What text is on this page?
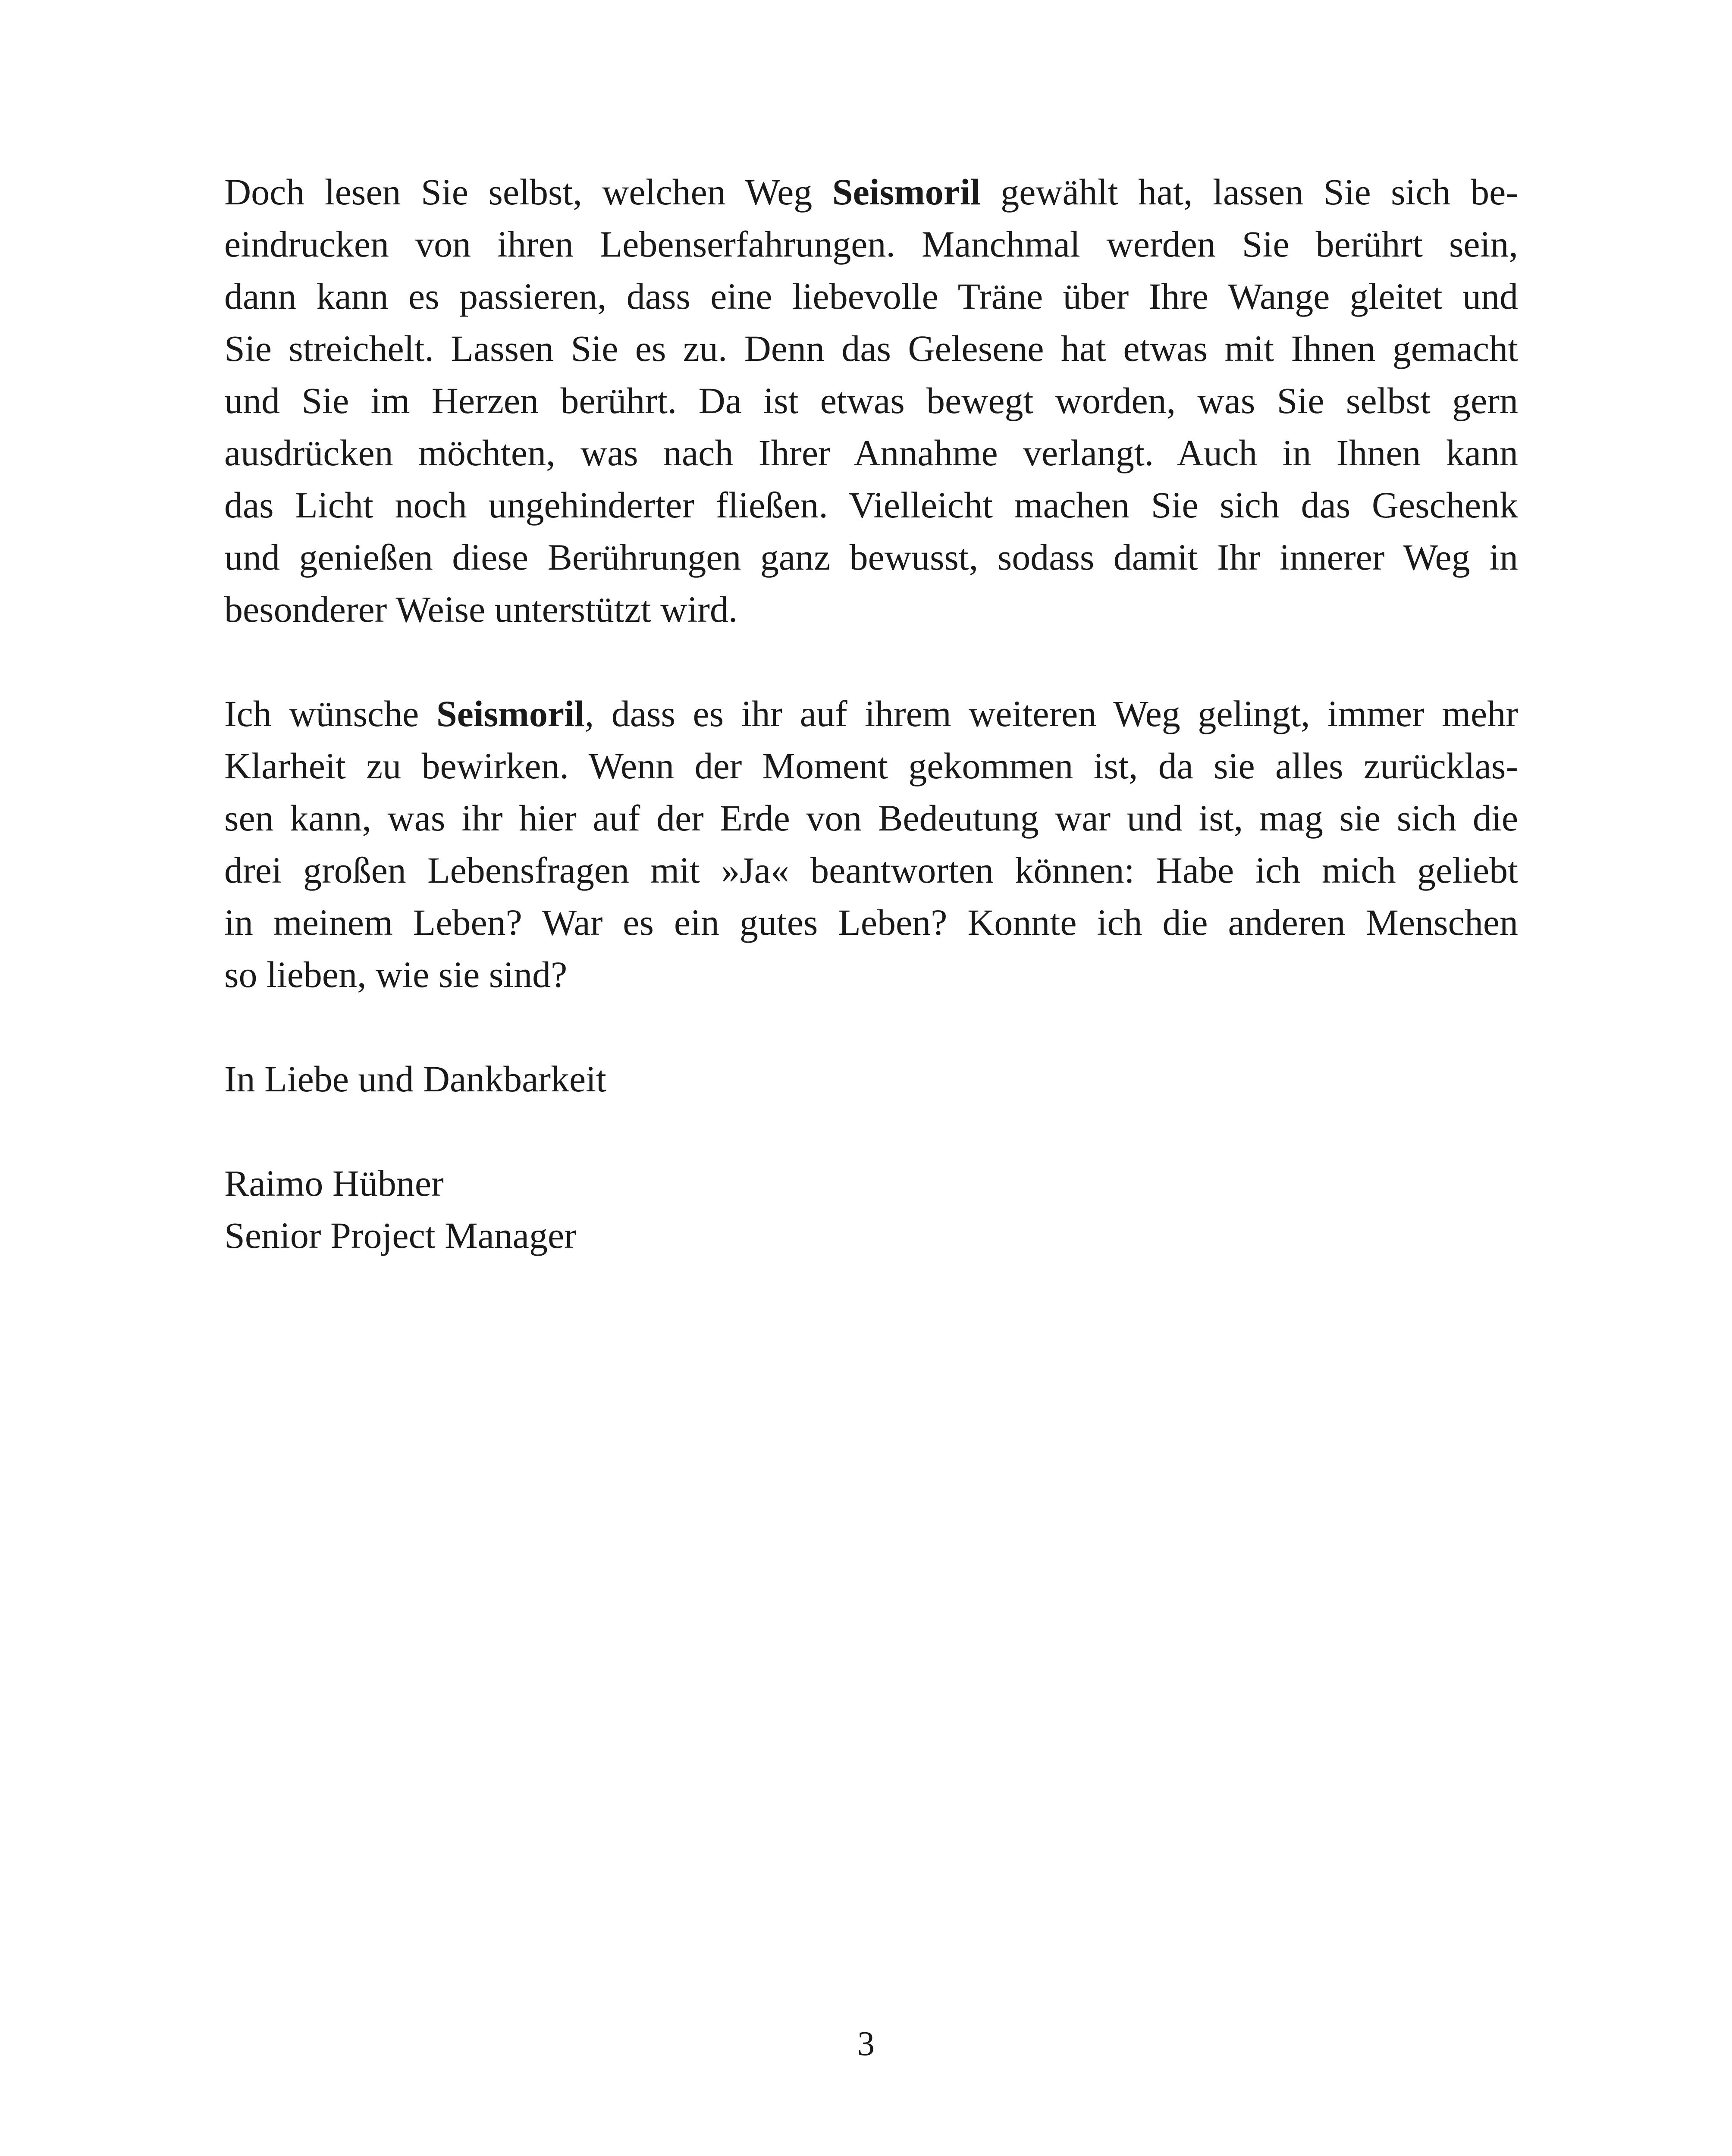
Doch lesen Sie selbst, welchen Weg Seismoril gewählt hat, lassen Sie sich be-
eindrucken von ihren Lebenserfahrungen. Manchmal werden Sie berührt sein,
dann kann es passieren, dass eine liebevolle Träne über Ihre Wange gleitet und
Sie streichelt. Lassen Sie es zu. Denn das Gelesene hat etwas mit Ihnen gemacht
und Sie im Herzen berührt. Da ist etwas bewegt worden, was Sie selbst gern
ausdrücken möchten, was nach Ihrer Annahme verlangt. Auch in Ihnen kann
das Licht noch ungehinderter fließen. Vielleicht machen Sie sich das Geschenk
und genießen diese Berührungen ganz bewusst, sodass damit Ihr innerer Weg in
besonderer Weise unterstützt wird.
Ich wünsche Seismoril, dass es ihr auf ihrem weiteren Weg gelingt, immer mehr
Klarheit zu bewirken. Wenn der Moment gekommen ist, da sie alles zurücklas-
sen kann, was ihr hier auf der Erde von Bedeutung war und ist, mag sie sich die
drei großen Lebensfragen mit »Ja« beantworten können: Habe ich mich geliebt
in meinem Leben? War es ein gutes Leben? Konnte ich die anderen Menschen
so lieben, wie sie sind?
In Liebe und Dankbarkeit
Raimo Hübner
Senior Project Manager
3
